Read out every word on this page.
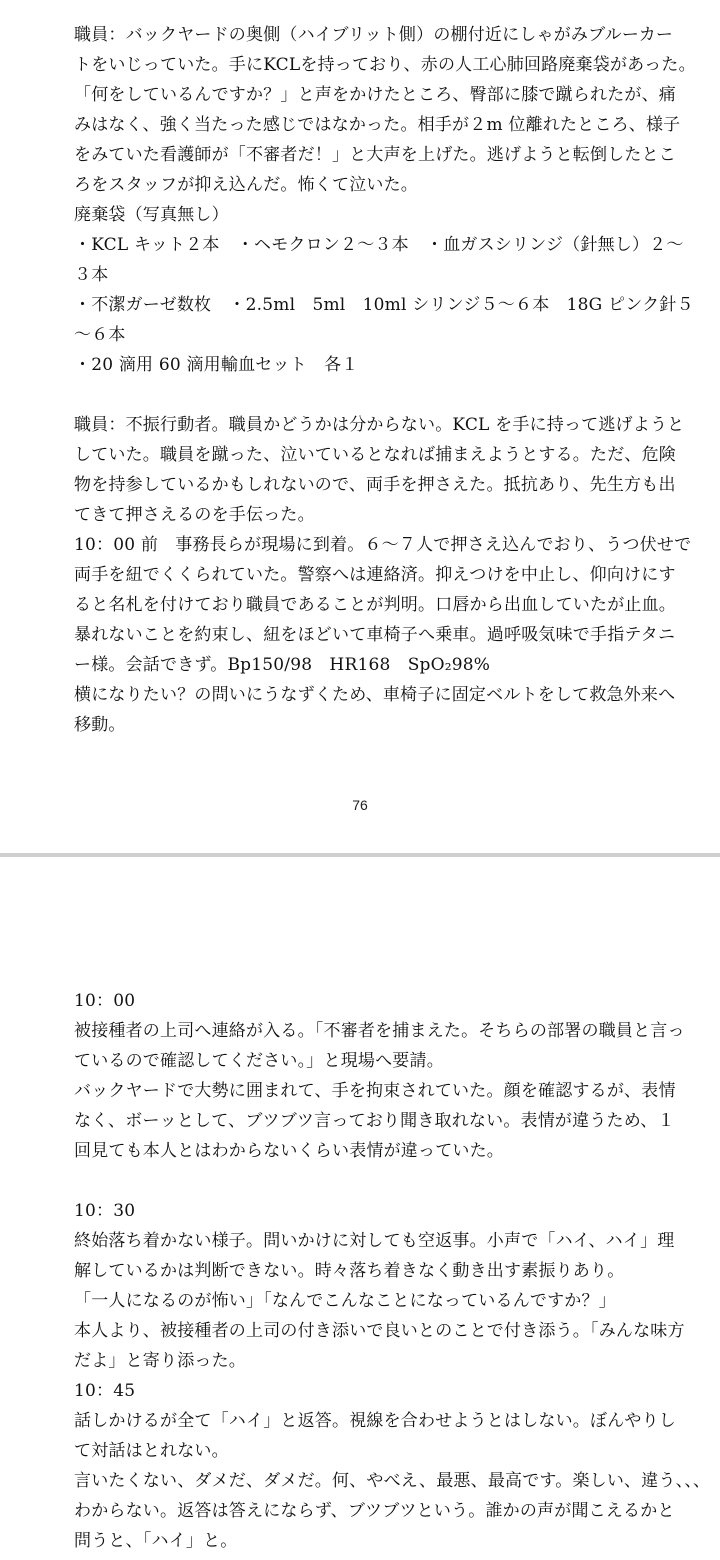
職員：バックヤードの奥側（ハイブリット側）の棚付近にしゃがみブルーカー
トをいじっていた。手にKCLを持っており、赤の人工心肺回路廃棄袋があった。
「何をしているんですか？」と声をかけたところ、臀部に膝で蹴られたが、痛
みはなく、強く当たった感じではなかった。相手が２m 位離れたところ、様子
をみていた看護師が「不審者だ！」と大声を上げた。逃げようと転倒したとこ
ろをスタッフが抑え込んだ。怖くて泣いた。
廃棄袋（写真無し）
・KCL キット２本　・ヘモクロン２～３本　・血ガスシリンジ（針無し）２～
３本
・不潔ガーゼ数枚　・2.5ml　5ml　10ml シリンジ５～６本　18G ピンク針５
～６本
・20 滴用 60 滴用輸血セット　各１
職員：不振行動者。職員かどうかは分からない。KCL を手に持って逃げようと
していた。職員を蹴った、泣いているとなれば捕まえようとする。ただ、危険
物を持参しているかもしれないので、両手を押さえた。抵抗あり、先生方も出
てきて押さえるのを手伝った。
10：00 前　事務長らが現場に到着。６～７人で押さえ込んでおり、うつ伏せで
両手を紐でくくられていた。警察へは連絡済。抑えつけを中止し、仰向けにす
ると名札を付けており職員であることが判明。口唇から出血していたが止血。
暴れないことを約束し、紐をほどいて車椅子へ乗車。過呼吸気味で手指テタニ
ー様。会話できず。Bp150/98　HR168　SpO₂98%
横になりたい？の問いにうなずくため、車椅子に固定ベルトをして救急外来へ
移動。
76
10：00
被接種者の上司へ連絡が入る。「不審者を捕まえた。そちらの部署の職員と言っ
ているので確認してください。」と現場へ要請。
バックヤードで大勢に囲まれて、手を拘束されていた。顔を確認するが、表情
なく、ボーッとして、ブツブツ言っており聞き取れない。表情が違うため、１
回見ても本人とはわからないくらい表情が違っていた。
10：30
終始落ち着かない様子。問いかけに対しても空返事。小声で「ハイ、ハイ」理
解しているかは判断できない。時々落ち着きなく動き出す素振りあり。
「一人になるのが怖い」「なんでこんなことになっているんですか？」
本人より、被接種者の上司の付き添いで良いとのことで付き添う。「みんな味方
だよ」と寄り添った。
10：45
話しかけるが全て「ハイ」と返答。視線を合わせようとはしない。ぼんやりし
て対話はとれない。
言いたくない、ダメだ、ダメだ。何、やべえ、最悪、最高です。楽しい、違う、、、
わからない。返答は答えにならず、ブツブツという。誰かの声が聞こえるかと
問うと、「ハイ」と。
